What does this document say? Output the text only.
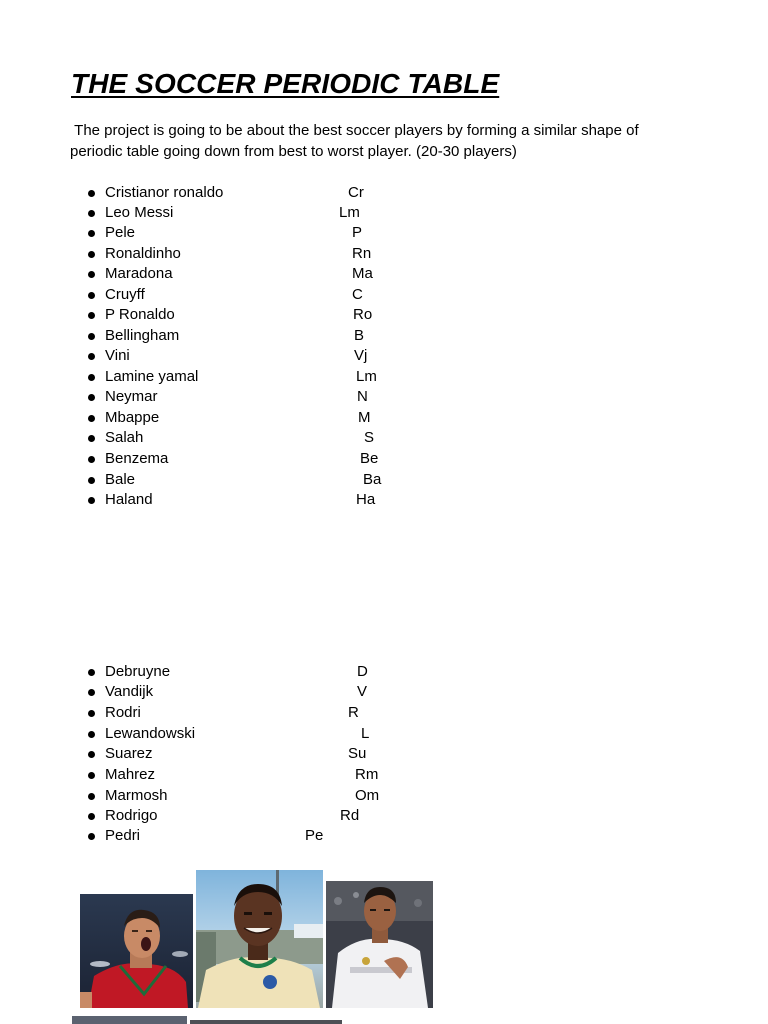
THE SOCCER PERIODIC TABLE

The project is going to be about the best soccer players by forming a similar shape of periodic table going down from best to worst player. (20-30 players)

Cristianor ronaldo	Cr
Leo Messi	Lm
Pele	P
Ronaldinho	Rn
Maradona	Ma
Cruyff	C
P Ronaldo	Ro
Bellingham	B
Vini	Vj
Lamine yamal	Lm
Neymar	N
Mbappe	M
Salah	S
Benzema	Be
Bale	Ba
Haland	Ha
Debruyne	D
Vandijk	V
Rodri	R
Lewandowski	L
Suarez	Su
Mahrez	Rm
Marmosh	Om
Rodrigo	Rd
Pedri	Pe
